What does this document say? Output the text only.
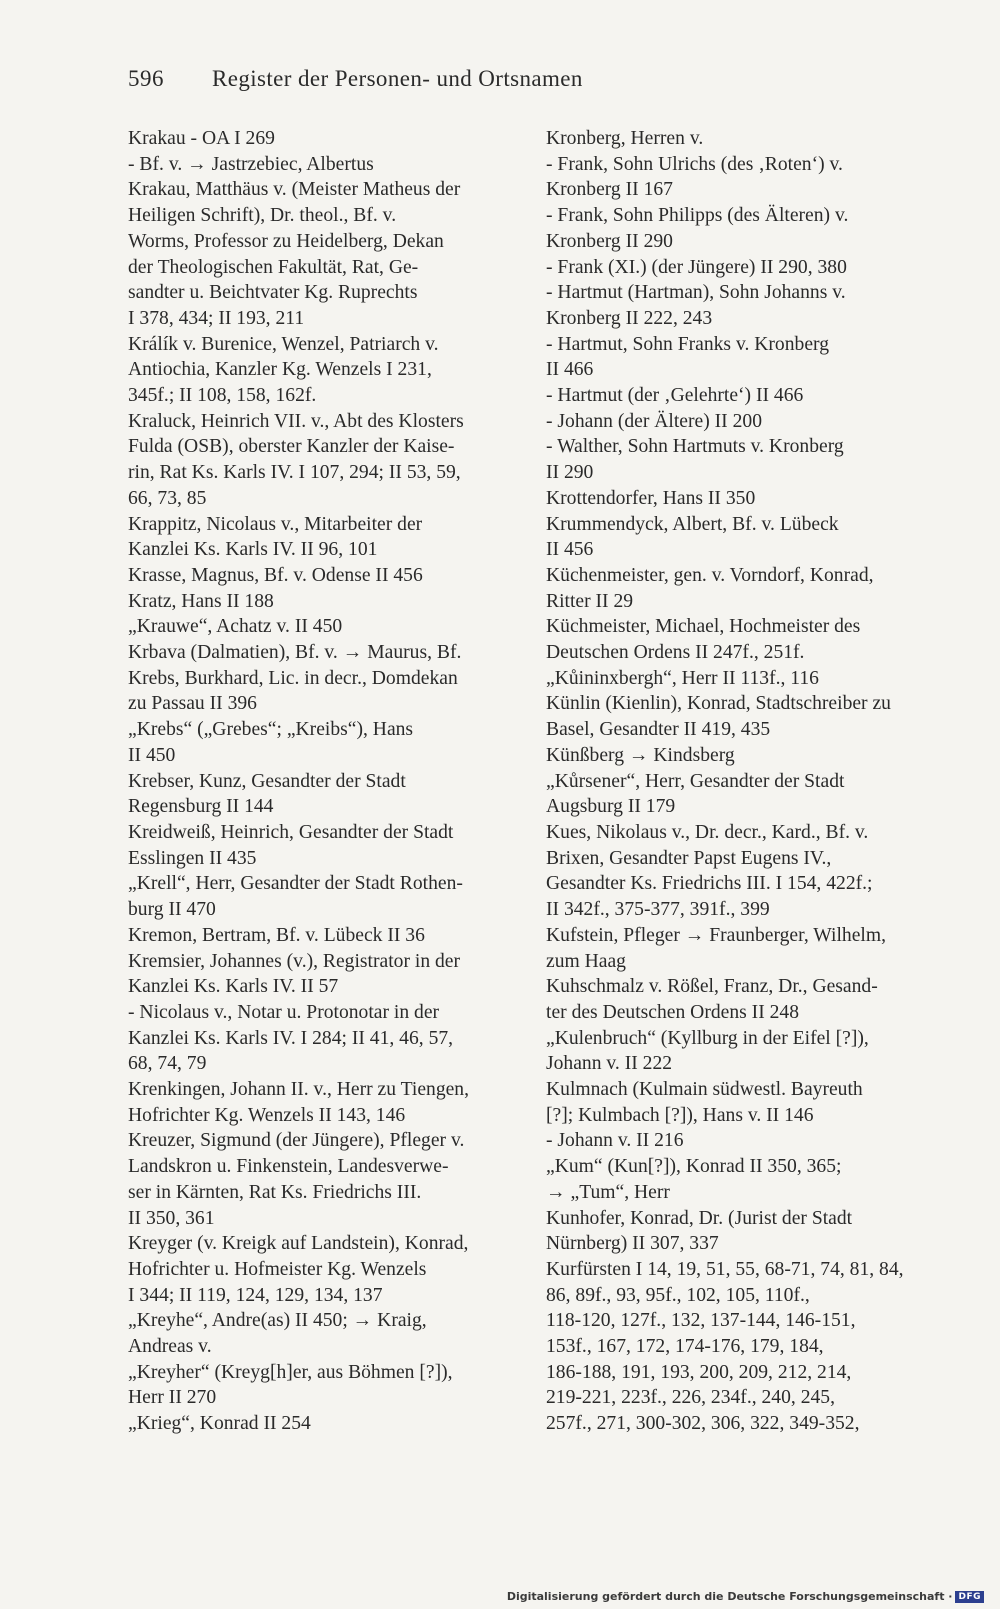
596 Register der Personen- und Ortsnamen
Krakau - OA I 269
- Bf. v. → Jastrzebiec, Albertus
Krakau, Matthäus v. (Meister Matheus der
Heiligen Schrift), Dr. theol., Bf. v.
Worms, Professor zu Heidelberg, Dekan
der Theologischen Fakultät, Rat, Ge-
sandter u. Beichtvater Kg. Ruprechts
I 378, 434; II 193, 211
Králík v. Burenice, Wenzel, Patriarch v.
Antiochia, Kanzler Kg. Wenzels I 231,
345f.; II 108, 158, 162f.
Kraluck, Heinrich VII. v., Abt des Klosters
Fulda (OSB), oberster Kanzler der Kaise-
rin, Rat Ks. Karls IV. I 107, 294; II 53, 59,
66, 73, 85
Krappitz, Nicolaus v., Mitarbeiter der
Kanzlei Ks. Karls IV. II 96, 101
Krasse, Magnus, Bf. v. Odense II 456
Kratz, Hans II 188
„Krauwe“, Achatz v. II 450
Krbava (Dalmatien), Bf. v. → Maurus, Bf.
Krebs, Burkhard, Lic. in decr., Domdekan
zu Passau II 396
„Krebs“ („Grebes“; „Kreibs“), Hans
II 450
Krebser, Kunz, Gesandter der Stadt
Regensburg II 144
Kreidweiß, Heinrich, Gesandter der Stadt
Esslingen II 435
„Krell“, Herr, Gesandter der Stadt Rothen-
burg II 470
Kremon, Bertram, Bf. v. Lübeck II 36
Kremsier, Johannes (v.), Registrator in der
Kanzlei Ks. Karls IV. II 57
- Nicolaus v., Notar u. Protonotar in der
Kanzlei Ks. Karls IV. I 284; II 41, 46, 57,
68, 74, 79
Krenkingen, Johann II. v., Herr zu Tiengen,
Hofrichter Kg. Wenzels II 143, 146
Kreuzer, Sigmund (der Jüngere), Pfleger v.
Landskron u. Finkenstein, Landesverwe-
ser in Kärnten, Rat Ks. Friedrichs III.
II 350, 361
Kreyger (v. Kreigk auf Landstein), Konrad,
Hofrichter u. Hofmeister Kg. Wenzels
I 344; II 119, 124, 129, 134, 137
„Kreyhe“, Andre(as) II 450; → Kraig,
Andreas v.
„Kreyher“ (Kreyg[h]er, aus Böhmen [?]),
Herr II 270
„Krieg“, Konrad II 254
Kronberg, Herren v.
- Frank, Sohn Ulrichs (des ‚Roten‘) v.
Kronberg II 167
- Frank, Sohn Philipps (des Älteren) v.
Kronberg II 290
- Frank (XI.) (der Jüngere) II 290, 380
- Hartmut (Hartman), Sohn Johanns v.
Kronberg II 222, 243
- Hartmut, Sohn Franks v. Kronberg
II 466
- Hartmut (der ‚Gelehrte‘) II 466
- Johann (der Ältere) II 200
- Walther, Sohn Hartmuts v. Kronberg
II 290
Krottendorfer, Hans II 350
Krummendyck, Albert, Bf. v. Lübeck
II 456
Küchenmeister, gen. v. Vorndorf, Konrad,
Ritter II 29
Küchmeister, Michael, Hochmeister des
Deutschen Ordens II 247f., 251f.
„Kůininxbergh“, Herr II 113f., 116
Künlin (Kienlin), Konrad, Stadtschreiber zu
Basel, Gesandter II 419, 435
Künßberg → Kindsberg
„Kůrsener“, Herr, Gesandter der Stadt
Augsburg II 179
Kues, Nikolaus v., Dr. decr., Kard., Bf. v.
Brixen, Gesandter Papst Eugens IV.,
Gesandter Ks. Friedrichs III. I 154, 422f.;
II 342f., 375-377, 391f., 399
Kufstein, Pfleger → Fraunberger, Wilhelm,
zum Haag
Kuhschmalz v. Rößel, Franz, Dr., Gesand-
ter des Deutschen Ordens II 248
„Kulenbruch“ (Kyllburg in der Eifel [?]),
Johann v. II 222
Kulmnach (Kulmain südwestl. Bayreuth
[?]; Kulmbach [?]), Hans v. II 146
- Johann v. II 216
„Kum“ (Kun[?]), Konrad II 350, 365;
→ „Tum“, Herr
Kunhofer, Konrad, Dr. (Jurist der Stadt
Nürnberg) II 307, 337
Kurfürsten I 14, 19, 51, 55, 68-71, 74, 81, 84,
86, 89f., 93, 95f., 102, 105, 110f.,
118-120, 127f., 132, 137-144, 146-151,
153f., 167, 172, 174-176, 179, 184,
186-188, 191, 193, 200, 209, 212, 214,
219-221, 223f., 226, 234f., 240, 245,
257f., 271, 300-302, 306, 322, 349-352,
Digitalisierung gefördert durch die Deutsche Forschungsgemeinschaft · DFG
